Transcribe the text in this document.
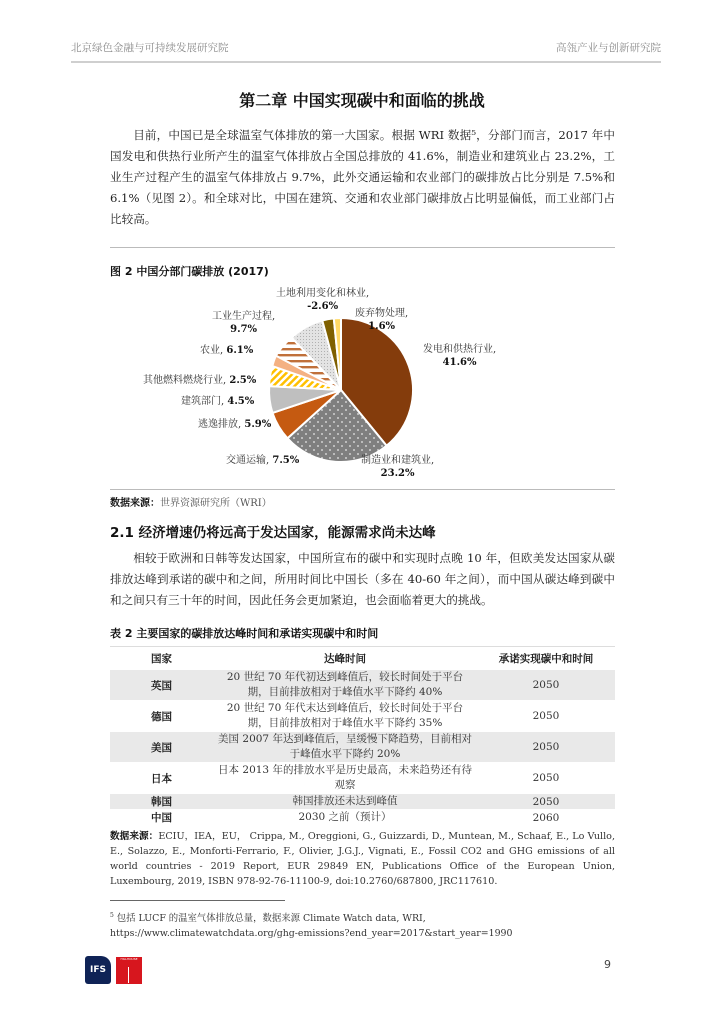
北京绿色金融与可持续发展研究院	高瓴产业与创新研究院
第二章 中国实现碳中和面临的挑战

目前，中国已是全球温室气体排放的第一大国家。根据 WRI 数据⁵，分部门而言，2017 年中国发电和供热行业所产生的温室气体排放占全国总排放的 41.6%，制造业和建筑业占 23.2%，工业生产过程产生的温室气体排放占 9.7%，此外交通运输和农业部门的碳排放占比分别是 7.5%和 6.1%（见图 2）。和全球对比，中国在建筑、交通和农业部门碳排放占比明显偏低，而工业部门占比较高。

图 2 中国分部门碳排放 (2017)
土地利用变化和林业,
-2.6%
废弃物处理,
1.6%
工业生产过程,
9.7%
发电和供热行业,
41.6%
农业, 6.1%
其他燃料燃烧行业, 2.5%
建筑部门, 4.5%
逃逸排放, 5.9%
交通运输, 7.5%	制造业和建筑业,
23.2%
数据来源：世界资源研究所（WRI）
2.1 经济增速仍将远高于发达国家，能源需求尚未达峰

相较于欧洲和日韩等发达国家，中国所宣布的碳中和实现时点晚 10 年，但欧美发达国家从碳排放达峰到承诺的碳中和之间，所用时间比中国长（多在 40-60 年之间），而中国从碳达峰到碳中和之间只有三十年的时间，因此任务会更加紧迫，也会面临着更大的挑战。

表 2 主要国家的碳排放达峰时间和承诺实现碳中和时间
国家	达峰时间	承诺实现碳中和时间
英国	20 世纪 70 年代初达到峰值后，较长时间处于平台期，目前排放相对于峰值水平下降约 40%	2050
德国	20 世纪 70 年代末达到峰值后，较长时间处于平台期，目前排放相对于峰值水平下降约 35%	2050
美国	美国 2007 年达到峰值后，呈缓慢下降趋势，目前相对于峰值水平下降约 20%	2050
日本	日本 2013 年的排放水平是历史最高，未来趋势还有待观察	2050
韩国	韩国排放还未达到峰值	2050
中国	2030 之前（预计）	2060
数据来源：ECIU，IEA，EU， Crippa, M., Oreggioni, G., Guizzardi, D., Muntean, M., Schaaf, E., Lo Vullo, E., Solazzo, E., Monforti-Ferrario, F., Olivier, J.G.J., Vignati, E., Fossil CO2 and GHG emissions of all world countries - 2019 Report, EUR 29849 EN, Publications Office of the European Union, Luxembourg, 2019, ISBN 978-92-76-11100-9, doi:10.2760/687800, JRC117610.
$^5$ 包括 LUCF 的温室气体排放总量，数据来源 Climate Watch data, WRI, https://www.climatewatchdata.org/ghg-emissions?end_year=2017&start_year=1990
IFS
HILLHOUSE	9
